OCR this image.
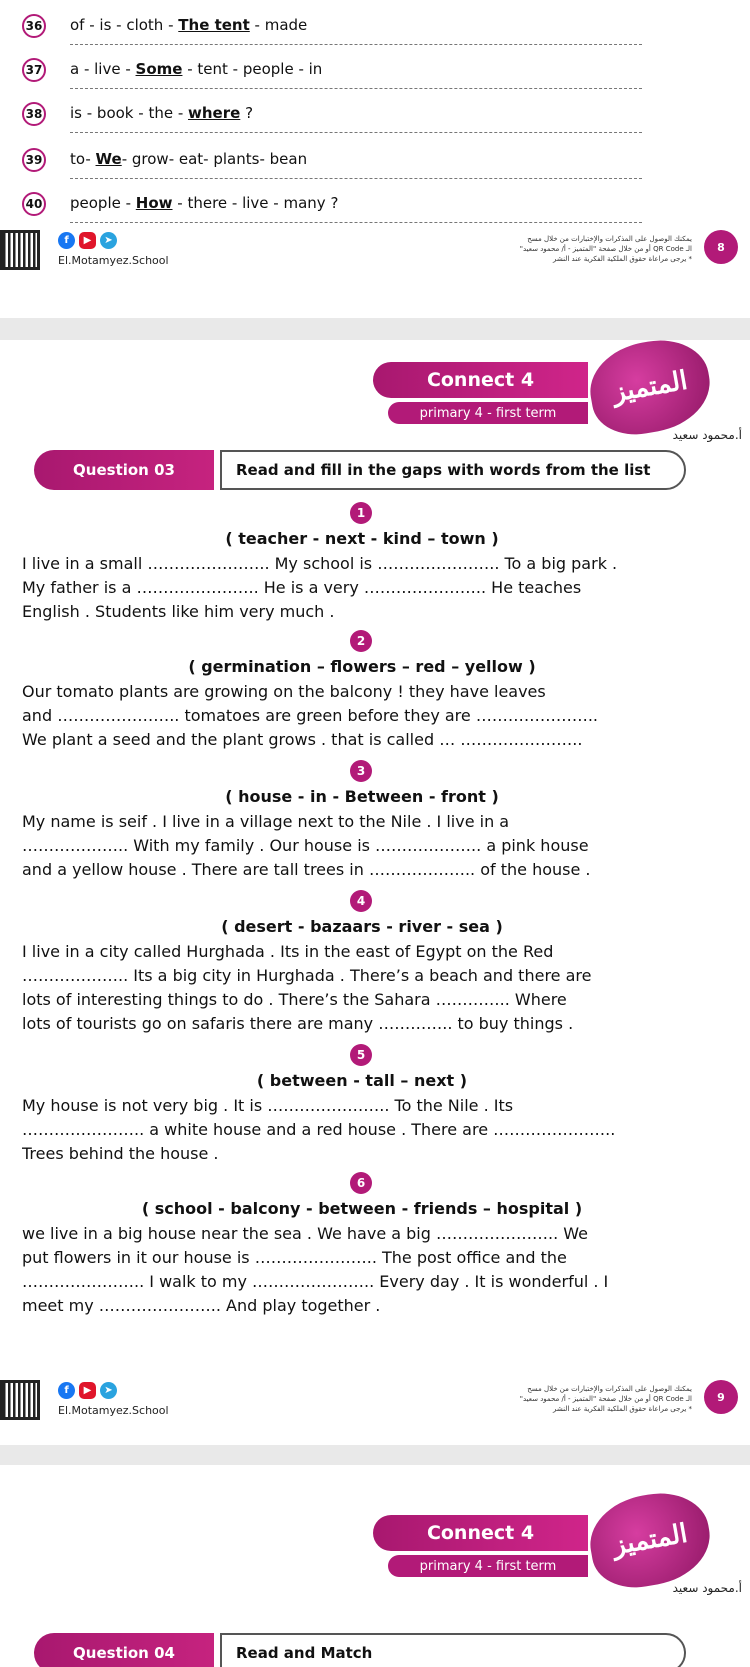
36 of - is - cloth - The tent - made
37 a - live - Some - tent - people - in
38 is - book - the - where ?
39 to- We- grow- eat- plants- bean
40 people - How - there - live - many ?
f	▶	➤
El.Motamyez.School
يمكنك الوصول على المذكرات والإختبارات من خلال مسح
الـ QR Code أو من خلال صفحة "المتميز - أ/ محمود سعيد"
* يرجى مراعاة حقوق الملكية الفكرية عند النشر
8
Connect 4
primary 4 - first term
المتميز
أ.محمود سعيد
Question 03	Read and fill in the gaps with words from the list
1
( teacher - next - kind – town )
I live in a small ………………….. My school is ………………….. To a big park .
My father is a ………………….. He is a very ………………….. He teaches
English . Students like him very much .
2
( germination – flowers – red – yellow )
Our tomato plants are growing on the balcony ! they have leaves
and ………………….. tomatoes are green before they are …………………..
We plant a seed and the plant grows . that is called … …………………..
3
( house - in - Between - front )
My name is seif . I live in a village next to the Nile . I live in a
……………….. With my family . Our house is ……………….. a pink house
and a yellow house . There are tall trees in ……………….. of the house .
4
( desert - bazaars - river - sea )
I live in a city called Hurghada . Its in the east of Egypt on the Red
……………….. Its a big city in Hurghada . There’s a beach and there are
lots of interesting things to do . There’s the Sahara ………….. Where
lots of tourists go on safaris there are many ………….. to buy things .
5
( between - tall – next )
My house is not very big . It is ………………….. To the Nile . Its
………………….. a white house and a red house . There are …………………..
Trees behind the house .
6
( school - balcony - between - friends – hospital )
we live in a big house near the sea . We have a big ………………….. We
put flowers in it our house is ………………….. The post office and the
………………….. I walk to my ………………….. Every day . It is wonderful . I
meet my ………………….. And play together .
f	▶	➤
El.Motamyez.School
يمكنك الوصول على المذكرات والإختبارات من خلال مسح
الـ QR Code أو من خلال صفحة "المتميز - أ/ محمود سعيد"
* يرجى مراعاة حقوق الملكية الفكرية عند النشر
9
Connect 4
primary 4 - first term
المتميز
أ.محمود سعيد
Question 04	Read and Match
